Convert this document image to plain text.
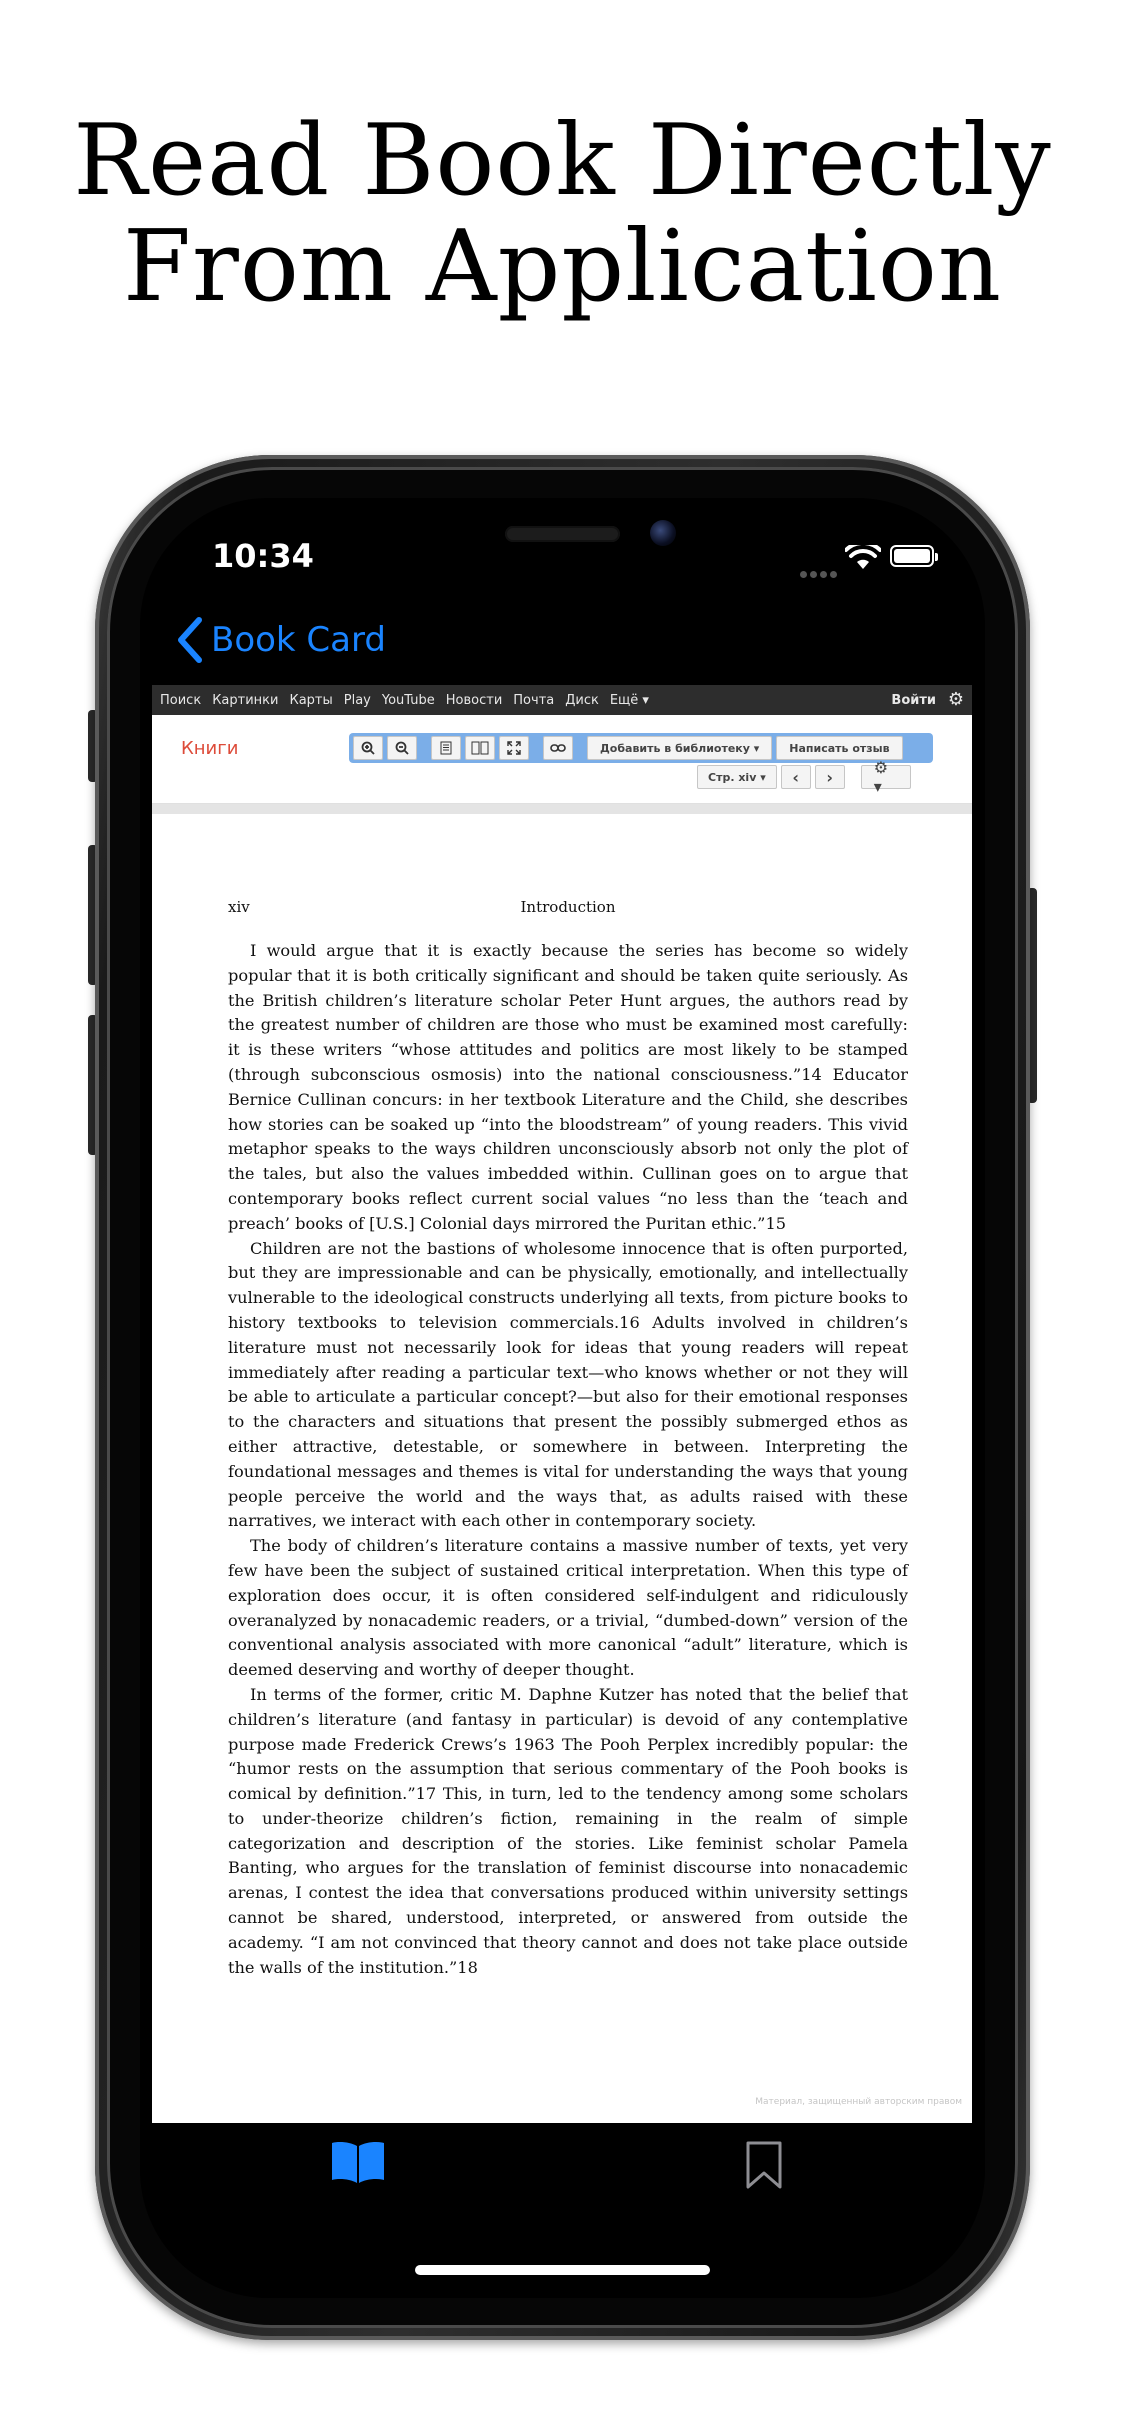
Read Book Directly
From Application
10:34
Book Card
Поиск Картинки Карты Play YouTube Новости Почта Диск Ещё ▾	Войти ⚙
Книги	Добавить в библиотеку ▾	Написать отзыв
Стр. xiv ▾	‹	›	⚙ ▾
Introduction
xiv

I would argue that it is exactly because the series has become so widely popular that it is both critically significant and should be taken quite seriously. As the British children’s literature scholar Peter Hunt argues, the authors read by the greatest number of children are those who must be examined most carefully: it is these writers “whose attitudes and politics are most likely to be stamped (through subconscious osmosis) into the national consciousness.”14 Educator Bernice Cullinan concurs: in her textbook Literature and the Child, she describes how stories can be soaked up “into the bloodstream” of young readers. This vivid metaphor speaks to the ways children unconsciously absorb not only the plot of the tales, but also the values imbedded within. Cullinan goes on to argue that contemporary books reflect current social values “no less than the ‘teach and preach’ books of [U.S.] Colonial days mirrored the Puritan ethic.”15

Children are not the bastions of wholesome innocence that is often purported, but they are impressionable and can be physically, emotionally, and intellectually vulnerable to the ideological constructs underlying all texts, from picture books to history textbooks to television commercials.16 Adults involved in children’s literature must not necessarily look for ideas that young readers will repeat immediately after reading a particular text—who knows whether or not they will be able to articulate a particular concept?—but also for their emotional responses to the characters and situations that present the possibly submerged ethos as either attractive, detestable, or somewhere in between. Interpreting the foundational messages and themes is vital for understanding the ways that young people perceive the world and the ways that, as adults raised with these narratives, we interact with each other in contemporary society.

The body of children’s literature contains a massive number of texts, yet very few have been the subject of sustained critical interpretation. When this type of exploration does occur, it is often considered self-indulgent and ridiculously overanalyzed by nonacademic readers, or a trivial, “dumbed-down” version of the conventional analysis associated with more canonical “adult” literature, which is deemed deserving and worthy of deeper thought.

In terms of the former, critic M. Daphne Kutzer has noted that the belief that children’s literature (and fantasy in particular) is devoid of any contemplative purpose made Frederick Crews’s 1963 The Pooh Perplex incredibly popular: the “humor rests on the assumption that serious commentary of the Pooh books is comical by definition.”17 This, in turn, led to the tendency among some scholars to under-theorize children’s fiction, remaining in the realm of simple categorization and description of the stories. Like feminist scholar Pamela Banting, who argues for the translation of feminist discourse into nonacademic arenas, I contest the idea that conversations produced within university settings cannot be shared, understood, interpreted, or answered from outside the academy. “I am not convinced that theory cannot and does not take place outside the walls of the institution.”18

Материал, защищенный авторским правом
